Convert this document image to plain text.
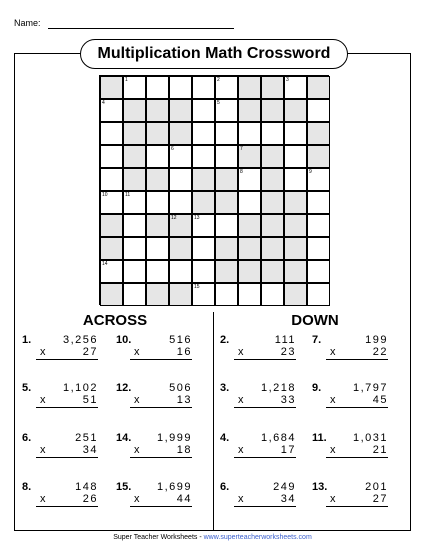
Name:
Multiplication Math Crossword
1	2	3
4	5
6	7
8	9
10	11
12	13
14
15
ACROSS	DOWN
1.	3,256
x	27
5.	1,102
x	51
6.	251
x	34
8.	148
x	26
10.	516
x	16
12.	506
x	13
14.	1,999
x	18
15.	1,699
x	44
2.	111
x	23
3.	1,218
x	33
4.	1,684
x	17
6.	249
x	34
7.	199
x	22
9.	1,797
x	45
11.	1,031
x	21
13.	201
x	27
Super Teacher Worksheets - www.superteacherworksheets.com
